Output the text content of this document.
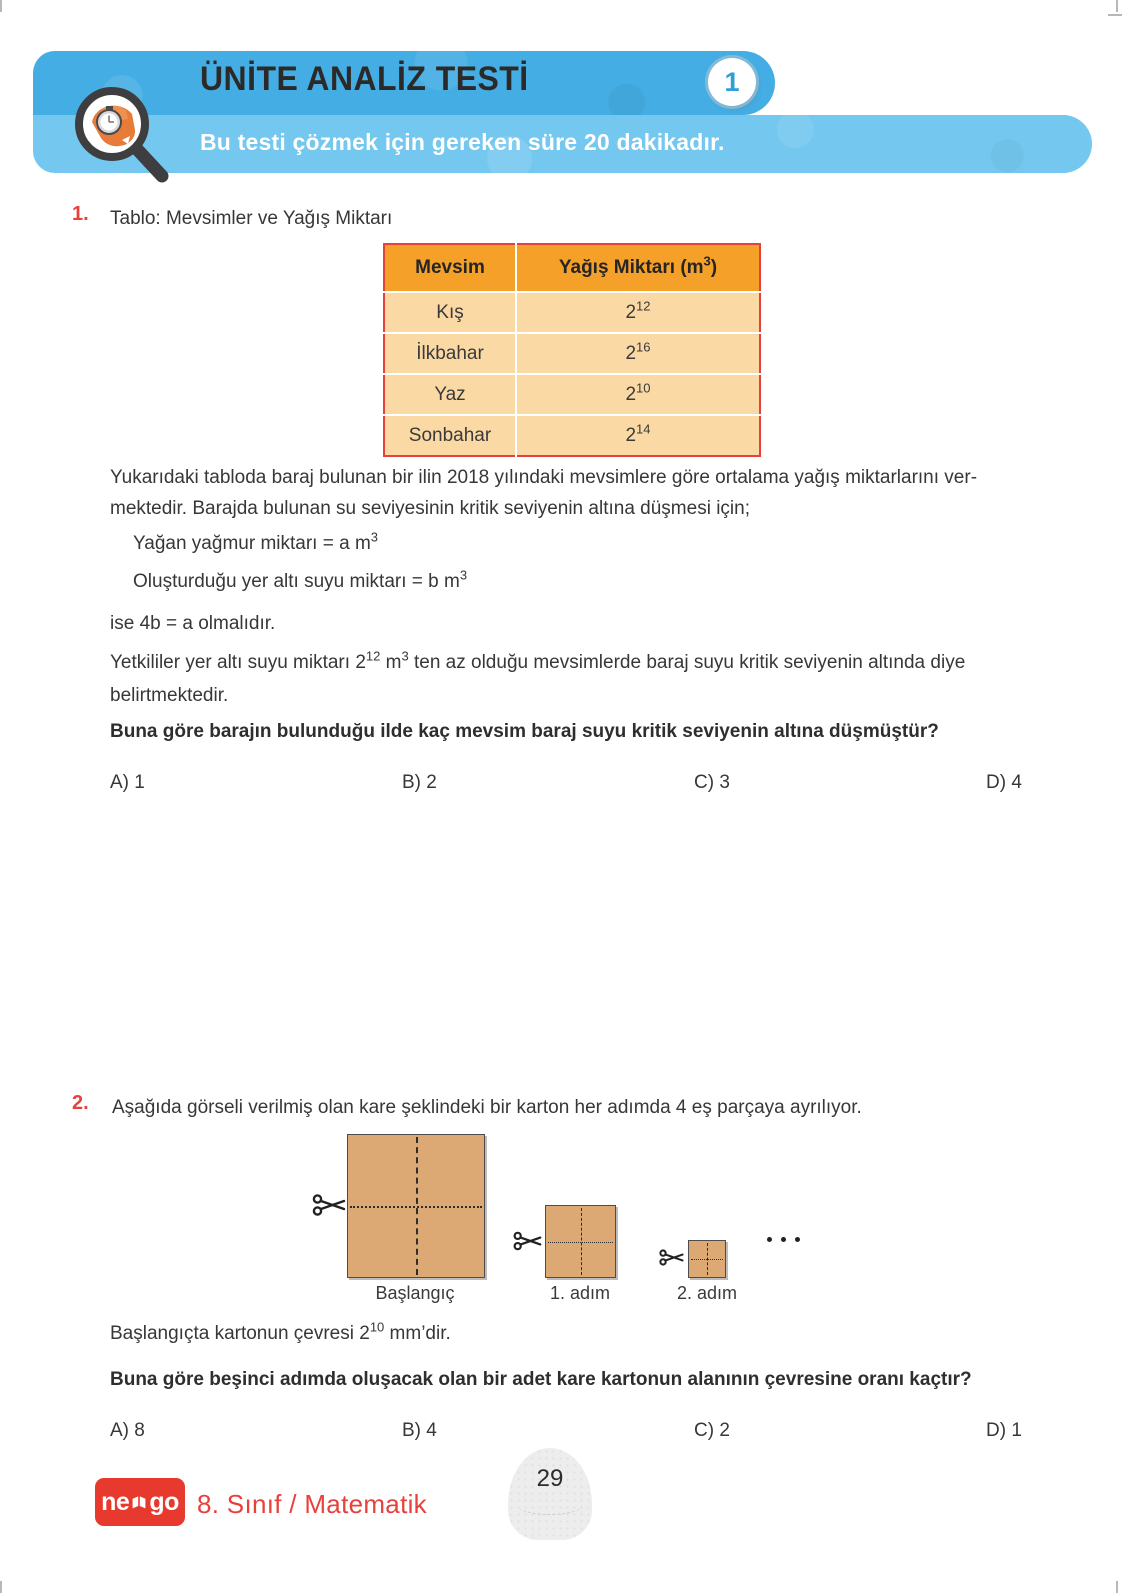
ÜNİTE ANALİZ TESTİ	1
Bu testi çözmek için gereken süre 20 dakikadır.
1. Tablo: Mevsimler ve Yağış Miktarı
Mevsim	Yağış Miktarı $(m^3)$
Kış	$2^{12}$
İlkbahar	$2^{16}$
Yaz	$2^{10}$
Sonbahar	$2^{14}$
Yukarıdaki tabloda baraj bulunan bir ilin 2018 yılındaki mevsimlere göre ortalama yağış miktarlarını ver-
mektedir. Barajda bulunan su seviyesinin kritik seviyenin altına düşmesi için;
Yağan yağmur miktarı = a $m^3$
Oluşturduğu yer altı suyu miktarı = b $m^3$
ise 4b = a olmalıdır.
Yetkililer yer altı suyu miktarı $2^{12}$ $m^3$ ten az olduğu mevsimlerde baraj suyu kritik seviyenin altında diye
belirtmektedir.
Buna göre barajın bulunduğu ilde kaç mevsim baraj suyu kritik seviyenin altına düşmüştür?
A) 1	B) 2	C) 3	D) 4
2. Aşağıda görseli verilmiş olan kare şeklindeki bir karton her adımda 4 eş parçaya ayrılıyor.
Başlangıç	1. adım	2. adım
Başlangıçta kartonun çevresi $2^{10}$ mm’dir.
Buna göre beşinci adımda oluşacak olan bir adet kare kartonun alanının çevresine oranı kaçtır?
A) 8	B) 4	C) 2	D) 1
ne go 8. Sınıf / Matematik
29
